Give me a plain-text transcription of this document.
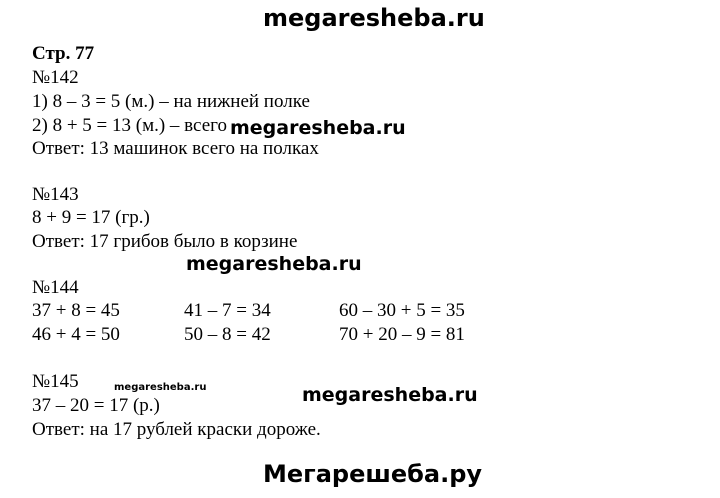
megaresheba.ru
Стр. 77
№142
1) 8 – 3 = 5 (м.) – на нижней полке
2) 8 + 5 = 13 (м.) – всего
Ответ: 13 машинок всего на полках
megaresheba.ru
№143
8 + 9 = 17 (гр.)
Ответ: 17 грибов было в корзине
megaresheba.ru
№144
37 + 8 = 45	41 – 7 = 34	60 – 30 + 5 = 35
46 + 4 = 50	50 – 8 = 42	70 + 20 – 9 = 81
№145	megaresheba.ru	megaresheba.ru
37 – 20 = 17 (р.)
Ответ: на 17 рублей краски дороже.
Мегарешеба.ру
